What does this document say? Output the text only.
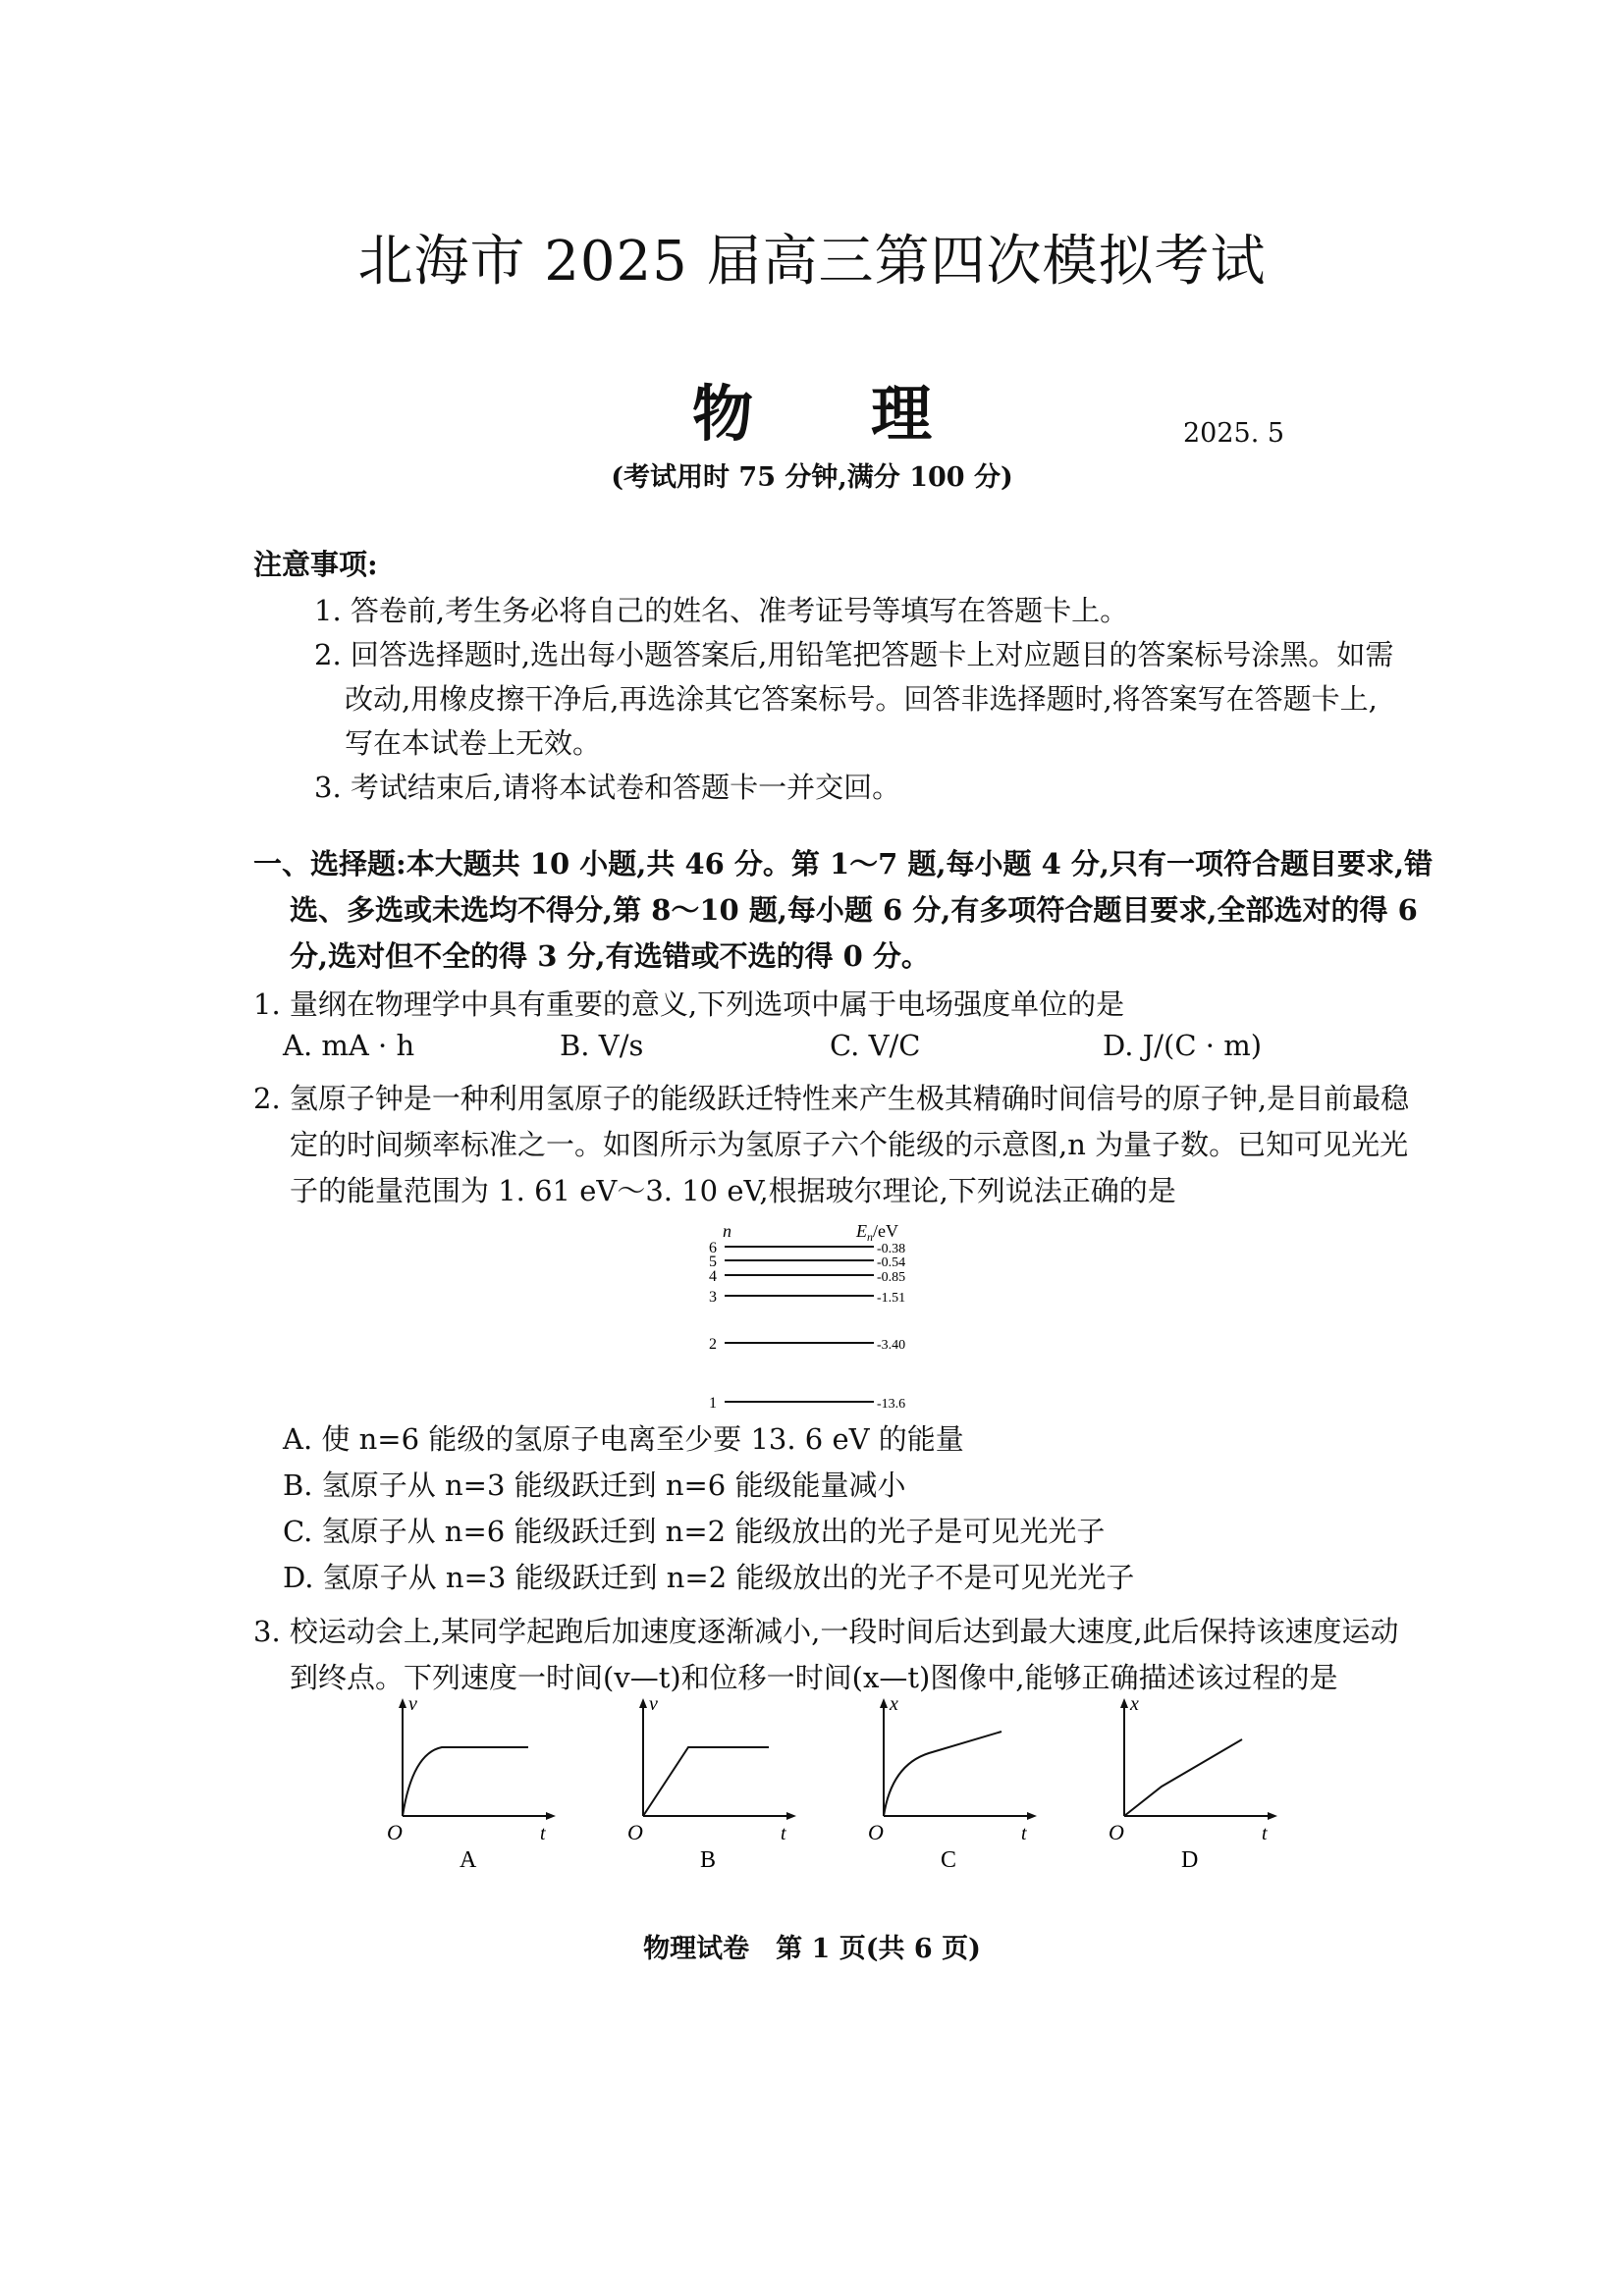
北海市 2025 届高三第四次模拟考试
物理	2025. 5
(考试用时 75 分钟,满分 100 分)
注意事项:
1. 答卷前,考生务必将自己的姓名、准考证号等填写在答题卡上。
2. 回答选择题时,选出每小题答案后,用铅笔把答题卡上对应题目的答案标号涂黑。如需
改动,用橡皮擦干净后,再选涂其它答案标号。回答非选择题时,将答案写在答题卡上,
写在本试卷上无效。
3. 考试结束后,请将本试卷和答题卡一并交回。
一、选择题:本大题共 10 小题,共 46 分。第 1～7 题,每小题 4 分,只有一项符合题目要求,错
选、多选或未选均不得分,第 8～10 题,每小题 6 分,有多项符合题目要求,全部选对的得 6
分,选对但不全的得 3 分,有选错或不选的得 0 分。
1. 量纲在物理学中具有重要的意义,下列选项中属于电场强度单位的是
A. mA · h	B. V/s	C. V/C	D. J/(C · m)
2. 氢原子钟是一种利用氢原子的能级跃迁特性来产生极其精确时间信号的原子钟,是目前最稳
定的时间频率标准之一。如图所示为氢原子六个能级的示意图,n 为量子数。已知可见光光
子的能量范围为 1. 61 eV～3. 10 eV,根据玻尔理论,下列说法正确的是
n	$E_n/eV$
6
5
4
3
2
1
-0.38
-0.54
-0.85
-1.51
-3.40
-13.6
A. 使 n=6 能级的氢原子电离至少要 13. 6 eV 的能量
B. 氢原子从 n=3 能级跃迁到 n=6 能级能量减小
C. 氢原子从 n=6 能级跃迁到 n=2 能级放出的光子是可见光光子
D. 氢原子从 n=3 能级跃迁到 n=2 能级放出的光子不是可见光光子
3. 校运动会上,某同学起跑后加速度逐渐减小,一段时间后达到最大速度,此后保持该速度运动
到终点。下列速度一时间(v—t)和位移一时间(x—t)图像中,能够正确描述该过程的是
v
t
O
A
v
t
O
B
x
t
O
C
x
t
O
D
物理试卷　第 1 页(共 6 页)
